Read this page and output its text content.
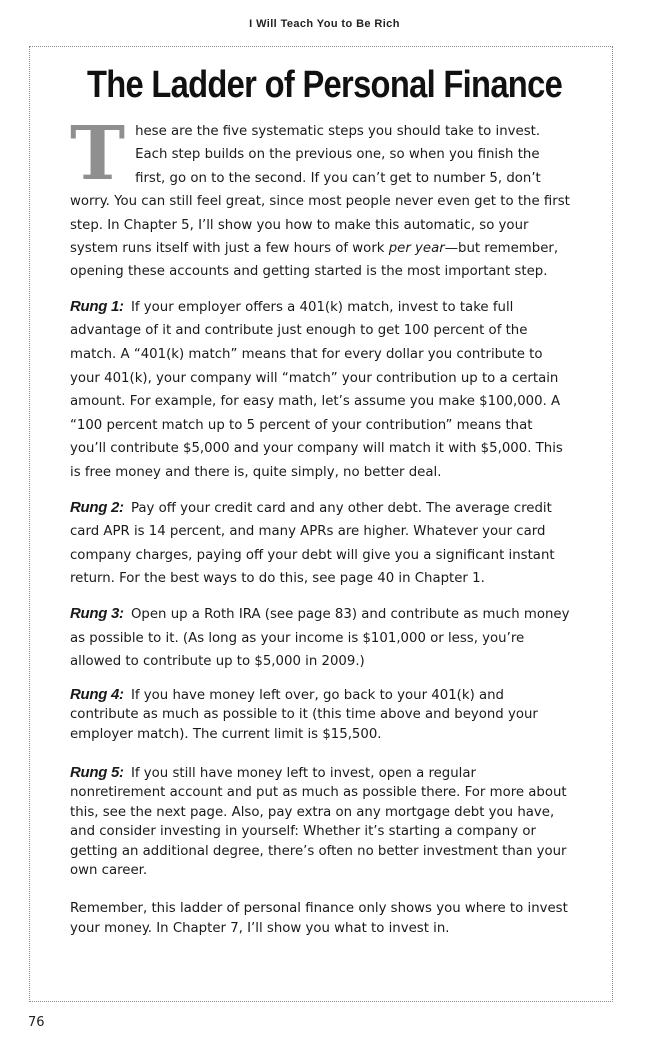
I Will Teach You to Be Rich
The Ladder of Personal Finance

These are the five systematic steps you should take to invest. Each step builds on the previous one, so when you finish the first, go on to the second. If you can’t get to number 5, don’t worry. You can still feel great, since most people never even get to the first step. In Chapter 5, I’ll show you how to make this automatic, so your system runs itself with just a few hours of work per year—but remember, opening these accounts and getting started is the most important step.

Rung 1: If your employer offers a 401(k) match, invest to take full advantage of it and contribute just enough to get 100 percent of the match. A “401(k) match” means that for every dollar you contribute to your 401(k), your company will “match” your contribution up to a certain amount. For example, for easy math, let’s assume you make $100,000. A “100 percent match up to 5 percent of your contribution” means that you’ll contribute $5,000 and your company will match it with $5,000. This is free money and there is, quite simply, no better deal.

Rung 2: Pay off your credit card and any other debt. The average credit card APR is 14 percent, and many APRs are higher. Whatever your card company charges, paying off your debt will give you a significant instant return. For the best ways to do this, see page 40 in Chapter 1.

Rung 3: Open up a Roth IRA (see page 83) and contribute as much money as possible to it. (As long as your income is $101,000 or less, you’re allowed to contribute up to $5,000 in 2009.)

Rung 4: If you have money left over, go back to your 401(k) and contribute as much as possible to it (this time above and beyond your employer match). The current limit is $15,500.

Rung 5: If you still have money left to invest, open a regular nonretirement account and put as much as possible there. For more about this, see the next page. Also, pay extra on any mortgage debt you have, and consider investing in yourself: Whether it’s starting a company or getting an additional degree, there’s often no better investment than your own career.

Remember, this ladder of personal finance only shows you where to invest your money. In Chapter 7, I’ll show you what to invest in.

76
